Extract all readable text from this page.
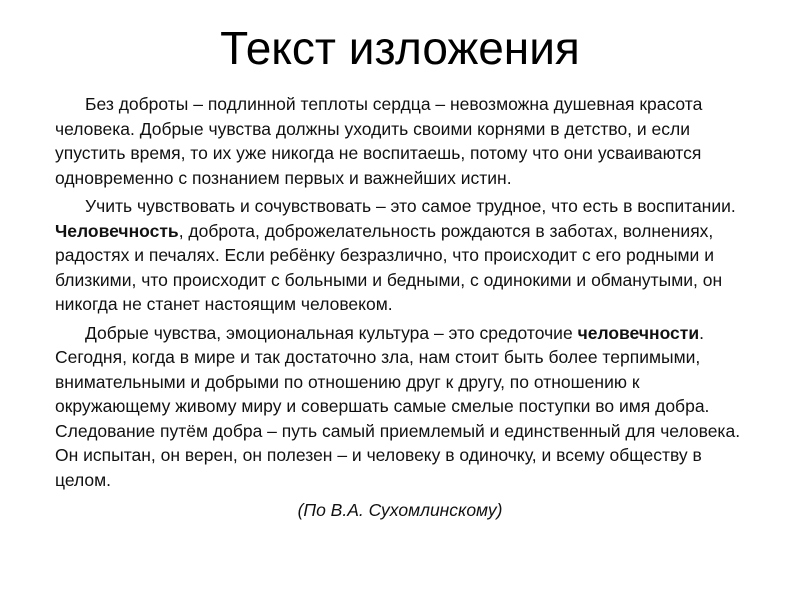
Текст изложения

Без доброты – подлинной теплоты сердца – невозможна душевная красота человека. Добрые чувства должны уходить своими корнями в детство, и если упустить время, то их уже никогда не воспитаешь, потому что они усваиваются одновременно с познанием первых и важнейших истин.

Учить чувствовать и сочувствовать – это самое трудное, что есть в воспитании. Человечность, доброта, доброжелательность рождаются в заботах, волнениях, радостях и печалях. Если ребёнку безразлично, что происходит с его родными и близкими, что происходит с больными и бедными, с одинокими и обманутыми, он никогда не станет настоящим человеком.

Добрые чувства, эмоциональная культура – это средоточие человечности. Сегодня, когда в мире и так достаточно зла, нам стоит быть более терпимыми, внимательными и добрыми по отношению друг к другу, по отношению к окружающему живому миру и совершать самые смелые поступки во имя добра. Следование путём добра – путь самый приемлемый и единственный для человека. Он испытан, он верен, он полезен – и человеку в одиночку, и всему обществу в целом.

(По В.А. Сухомлинскому)
